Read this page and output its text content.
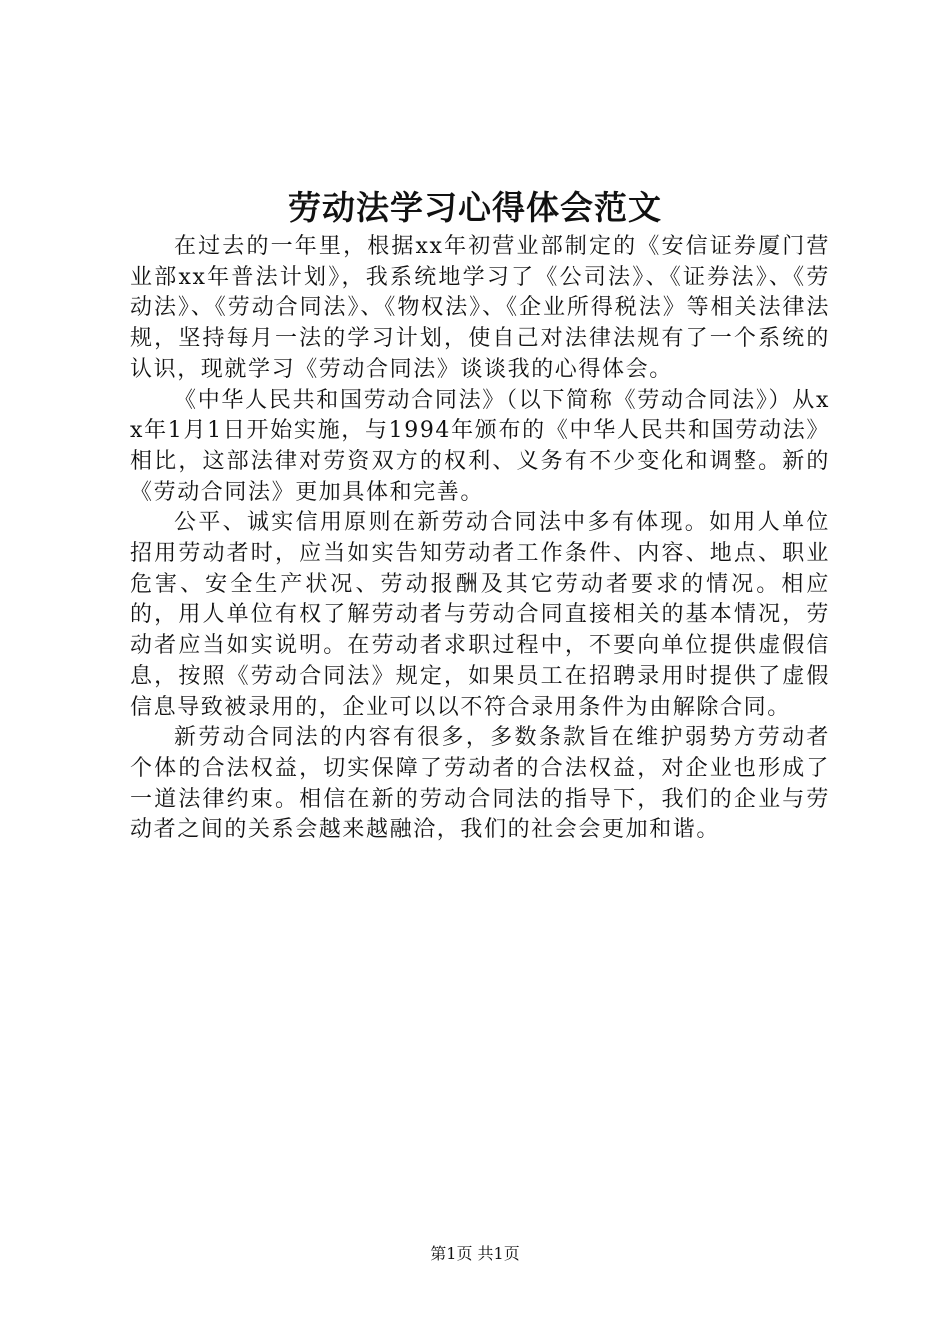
劳动法学习心得体会范文

在过去的一年里，根据xx年初营业部制定的《安信证券厦门营业部xx年普法计划》，我系统地学习了《公司法》、《证券法》、《劳动法》、《劳动合同法》、《物权法》、《企业所得税法》等相关法律法规，坚持每月一法的学习计划，使自己对法律法规有了一个系统的认识，现就学习《劳动合同法》谈谈我的心得体会。

《中华人民共和国劳动合同法》（以下简称《劳动合同法》）从xx年1月1日开始实施，与1994年颁布的《中华人民共和国劳动法》相比，这部法律对劳资双方的权利、义务有不少变化和调整。新的《劳动合同法》更加具体和完善。

公平、诚实信用原则在新劳动合同法中多有体现。如用人单位招用劳动者时，应当如实告知劳动者工作条件、内容、地点、职业危害、安全生产状况、劳动报酬及其它劳动者要求的情况。相应的，用人单位有权了解劳动者与劳动合同直接相关的基本情况，劳动者应当如实说明。在劳动者求职过程中，不要向单位提供虚假信息，按照《劳动合同法》规定，如果员工在招聘录用时提供了虚假信息导致被录用的，企业可以以不符合录用条件为由解除合同。

新劳动合同法的内容有很多，多数条款旨在维护弱势方劳动者个体的合法权益，切实保障了劳动者的合法权益，对企业也形成了一道法律约束。相信在新的劳动合同法的指导下，我们的企业与劳动者之间的关系会越来越融洽，我们的社会会更加和谐。

第1页 共1页
